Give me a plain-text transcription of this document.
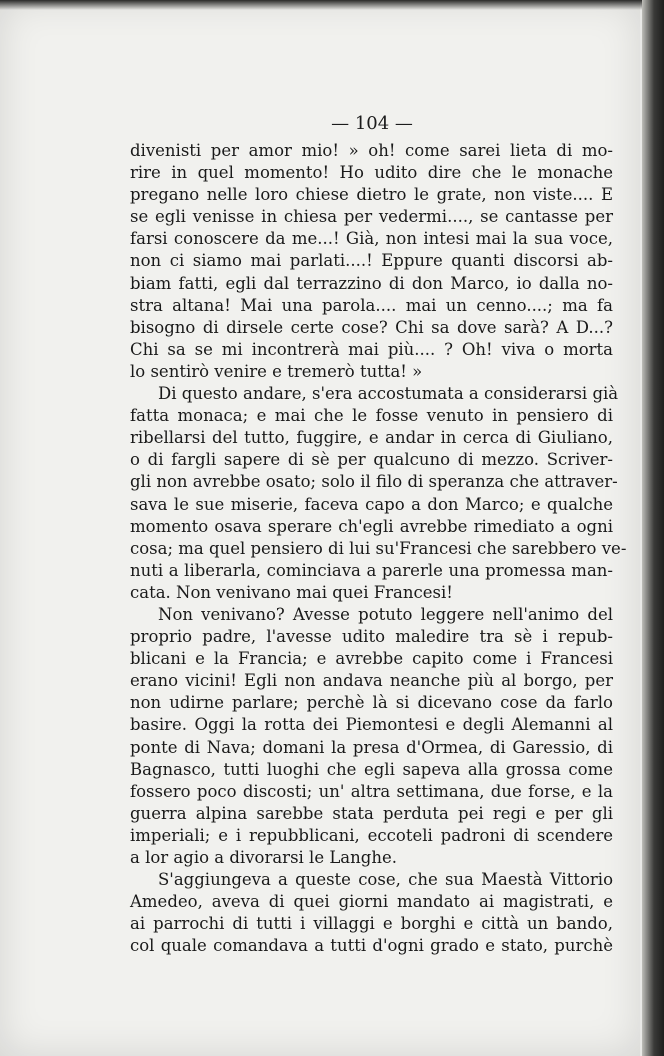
— 104 —
divenisti per amor mio! » oh! come sarei lieta di mo-
rire in quel momento! Ho udito dire che le monache
pregano nelle loro chiese dietro le grate, non viste.... E
se egli venisse in chiesa per vedermi...., se cantasse per
farsi conoscere da me...! Già, non intesi mai la sua voce,
non ci siamo mai parlati....! Eppure quanti discorsi ab-
biam fatti, egli dal terrazzino di don Marco, io dalla no-
stra altana! Mai una parola.... mai un cenno....; ma fa
bisogno di dirsele certe cose? Chi sa dove sarà? A D...?
Chi sa se mi incontrerà mai più.... ? Oh! viva o morta
lo sentirò venire e tremerò tutta! »
Di questo andare, s'era accostumata a considerarsi già
fatta monaca; e mai che le fosse venuto in pensiero di
ribellarsi del tutto, fuggire, e andar in cerca di Giuliano,
o di fargli sapere di sè per qualcuno di mezzo. Scriver-
gli non avrebbe osato; solo il filo di speranza che attraver-
sava le sue miserie, faceva capo a don Marco; e qualche
momento osava sperare ch'egli avrebbe rimediato a ogni
cosa; ma quel pensiero di lui su'Francesi che sarebbero ve-
nuti a liberarla, cominciava a parerle una promessa man-
cata. Non venivano mai quei Francesi!
Non venivano? Avesse potuto leggere nell'animo del
proprio padre, l'avesse udito maledire tra sè i repub-
blicani e la Francia; e avrebbe capito come i Francesi
erano vicini! Egli non andava neanche più al borgo, per
non udirne parlare; perchè là si dicevano cose da farlo
basire. Oggi la rotta dei Piemontesi e degli Alemanni al
ponte di Nava; domani la presa d'Ormea, di Garessio, di
Bagnasco, tutti luoghi che egli sapeva alla grossa come
fossero poco discosti; un' altra settimana, due forse, e la
guerra alpina sarebbe stata perduta pei regi e per gli
imperiali; e i repubblicani, eccoteli padroni di scendere
a lor agio a divorarsi le Langhe.
S'aggiungeva a queste cose, che sua Maestà Vittorio
Amedeo, aveva di quei giorni mandato ai magistrati, e
ai parrochi di tutti i villaggi e borghi e città un bando,
col quale comandava a tutti d'ogni grado e stato, purchè
